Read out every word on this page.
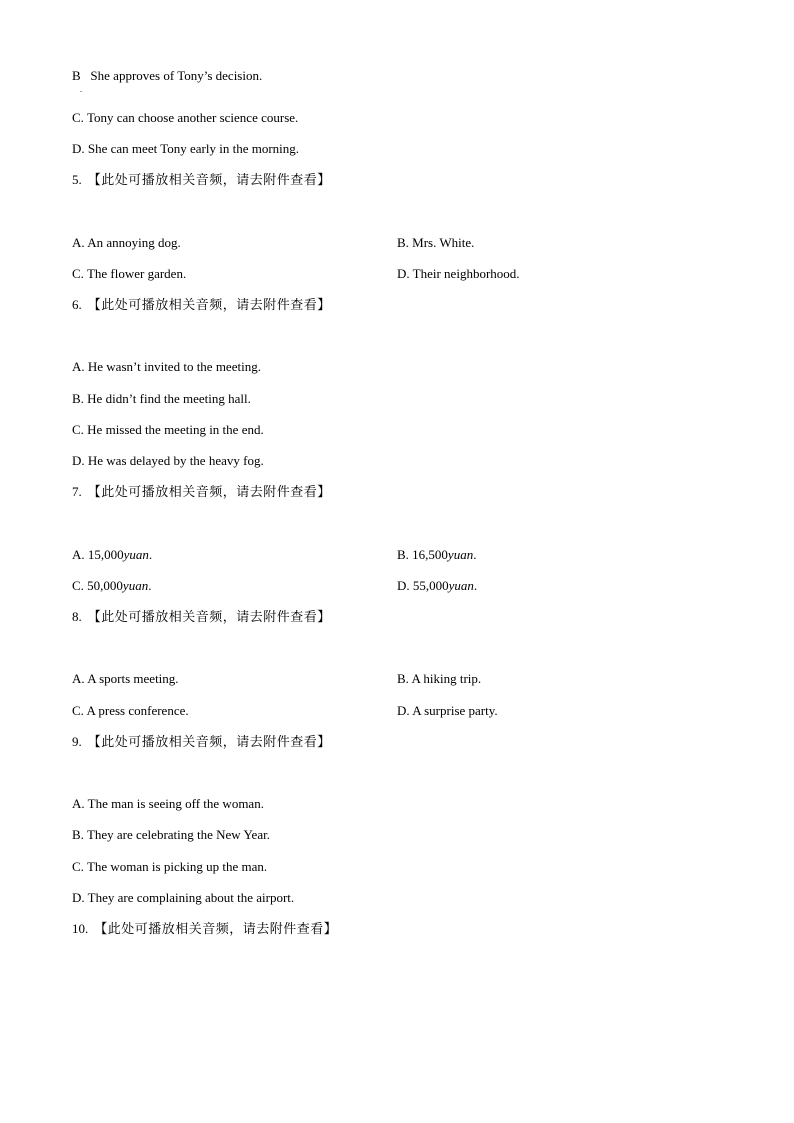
B She approves of Tony’s decision.
.
C. Tony can choose another science course.
D. She can meet Tony early in the morning.
5. 【此处可播放相关音频，请去附件查看】
A. An annoying dog.	B. Mrs. White.
C. The flower garden.	D. Their neighborhood.
6. 【此处可播放相关音频，请去附件查看】
A. He wasn’t invited to the meeting.
B. He didn’t find the meeting hall.
C. He missed the meeting in the end.
D. He was delayed by the heavy fog.
7. 【此处可播放相关音频，请去附件查看】
A. 15,000yuan.	B. 16,500yuan.
C. 50,000yuan.	D. 55,000yuan.
8. 【此处可播放相关音频，请去附件查看】
A. A sports meeting.	B. A hiking trip.
C. A press conference.	D. A surprise party.
9. 【此处可播放相关音频，请去附件查看】
A. The man is seeing off the woman.
B. They are celebrating the New Year.
C. The woman is picking up the man.
D. They are complaining about the airport.
10. 【此处可播放相关音频，请去附件查看】
